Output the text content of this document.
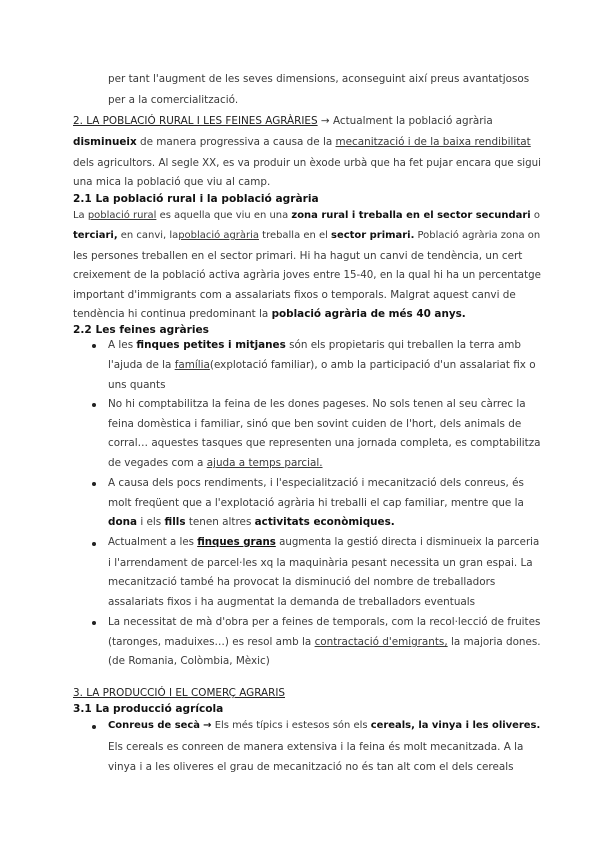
per tant l'augment de les seves dimensions, aconseguint així preus avantatjosos
per a la comercialització.
2. LA POBLACIÓ RURAL I LES FEINES AGRÀRIES → Actualment la població agrària
disminueix de manera progressiva a causa de la mecanització i de la baixa rendibilitat
dels agricultors. Al segle XX, es va produir un èxode urbà que ha fet pujar encara que sigui
una mica la població que viu al camp.
2.1 La població rural i la població agrària
La població rural es aquella que viu en una zona rural i treballa en el sector secundari o
terciari, en canvi, lapoblació agrària treballa en el sector primari. Població agrària zona on
les persones treballen en el sector primari. Hi ha hagut un canvi de tendència, un cert
creixement de la població activa agrària joves entre 15-40, en la qual hi ha un percentatge
important d'immigrants com a assalariats fixos o temporals. Malgrat aquest canvi de
tendència hi continua predominant la població agrària de més 40 anys.
2.2 Les feines agràries
A les finques petites i mitjanes són els propietaris qui treballen la terra amb
l'ajuda de la família(explotació familiar), o amb la participació d'un assalariat fix o
uns quants
No hi comptabilitza la feina de les dones pageses. No sols tenen al seu càrrec la
feina domèstica i familiar, sinó que ben sovint cuiden de l'hort, dels animals de
corral… aquestes tasques que representen una jornada completa, es comptabilitza
de vegades com a ajuda a temps parcial.
A causa dels pocs rendiments, i l'especialització i mecanització dels conreus, és
molt freqüent que a l'explotació agrària hi treballi el cap familiar, mentre que la
dona i els fills tenen altres activitats econòmiques.
Actualment a les finques grans augmenta la gestió directa i disminueix la parceria
i l'arrendament de parcel·les xq la maquinària pesant necessita un gran espai. La
mecanització també ha provocat la disminució del nombre de treballadors
assalariats fixos i ha augmentat la demanda de treballadors eventuals
La necessitat de mà d'obra per a feines de temporals, com la recol·lecció de fruites
(taronges, maduixes…) es resol amb la contractació d'emigrants, la majoria dones.
(de Romania, Colòmbia, Mèxic)
3. LA PRODUCCIÓ I EL COMERÇ AGRARIS
3.1 La producció agrícola
Conreus de secà → Els més típics i estesos són els cereals, la vinya i les oliveres.
Els cereals es conreen de manera extensiva i la feina és molt mecanitzada. A la
vinya i a les oliveres el grau de mecanització no és tan alt com el dels cereals
